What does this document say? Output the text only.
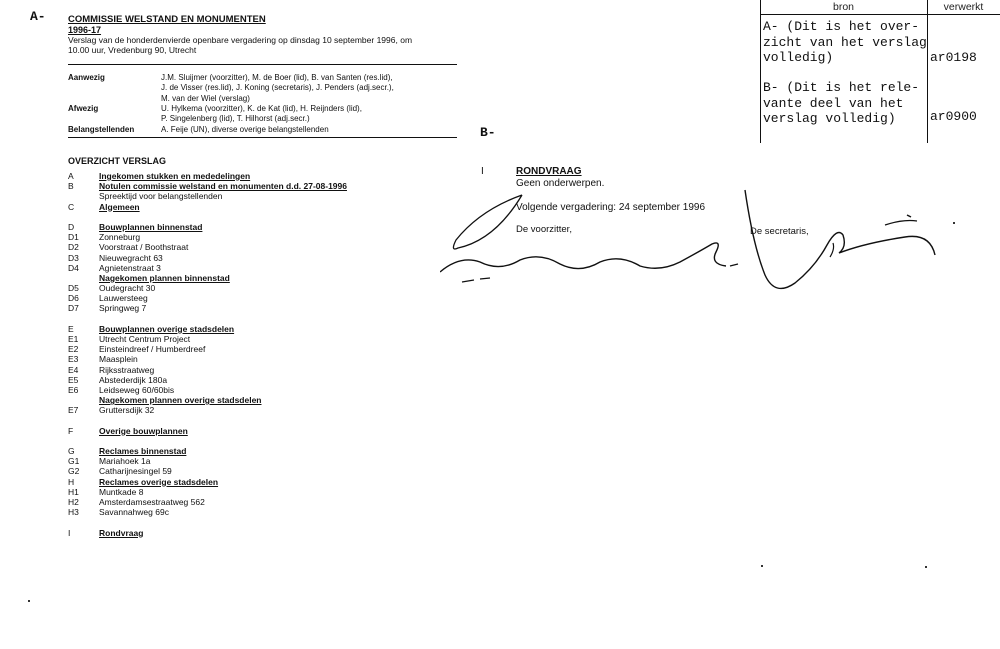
A-
B-
COMMISSIE WELSTAND EN MONUMENTEN
1996-17
Verslag van de honderdenvierde openbare vergadering op dinsdag 10 september 1996, om
10.00 uur, Vredenburg 90, Utrecht
Aanwezig	J.M. Sluijmer (voorzitter), M. de Boer (lid), B. van Santen (res.lid),
J. de Visser (res.lid), J. Koning (secretaris), J. Penders (adj.secr.),
M. van der Wiel (verslag)
Afwezig	U. Hylkema (voorzitter), K. de Kat (lid), H. Reijnders (lid),
P. Singelenberg (lid), T. Hilhorst (adj.secr.)
Belangstellenden	A. Feije (UN), diverse overige belangstellenden
OVERZICHT VERSLAG
A	Ingekomen stukken en mededelingen
B	Notulen commissie welstand en monumenten d.d. 27-08-1996
Spreektijd voor belangstellenden
C	Algemeen
D	Bouwplannen binnenstad
D1	Zonneburg
D2	Voorstraat / Boothstraat
D3	Nieuwegracht 63
D4	Agnietenstraat 3
Nagekomen plannen binnenstad
D5	Oudegracht 30
D6	Lauwersteeg
D7	Springweg 7
E	Bouwplannen overige stadsdelen
E1	Utrecht Centrum Project
E2	Einsteindreef / Humberdreef
E3	Maasplein
E4	Rijksstraatweg
E5	Abstederdijk 180a
E6	Leidseweg 60/60bis
Nagekomen plannen overige stadsdelen
E7	Gruttersdijk 32
F	Overige bouwplannen
G	Reclames binnenstad
G1	Mariahoek 1a
G2	Catharijnesingel 59
H	Reclames overige stadsdelen
H1	Muntkade 8
H2	Amsterdamsestraatweg 562
H3	Savannahweg 69c
I	Rondvraag
I	RONDVRAAG
Geen onderwerpen.
Volgende vergadering: 24 september 1996
De voorzitter,	De secretaris,
bron	verwerkt
A- (Dit is het over-
zicht van het verslag
volledig)	ar0198
B- (Dit is het rele-
vante deel van het
verslag volledig)	ar0900
